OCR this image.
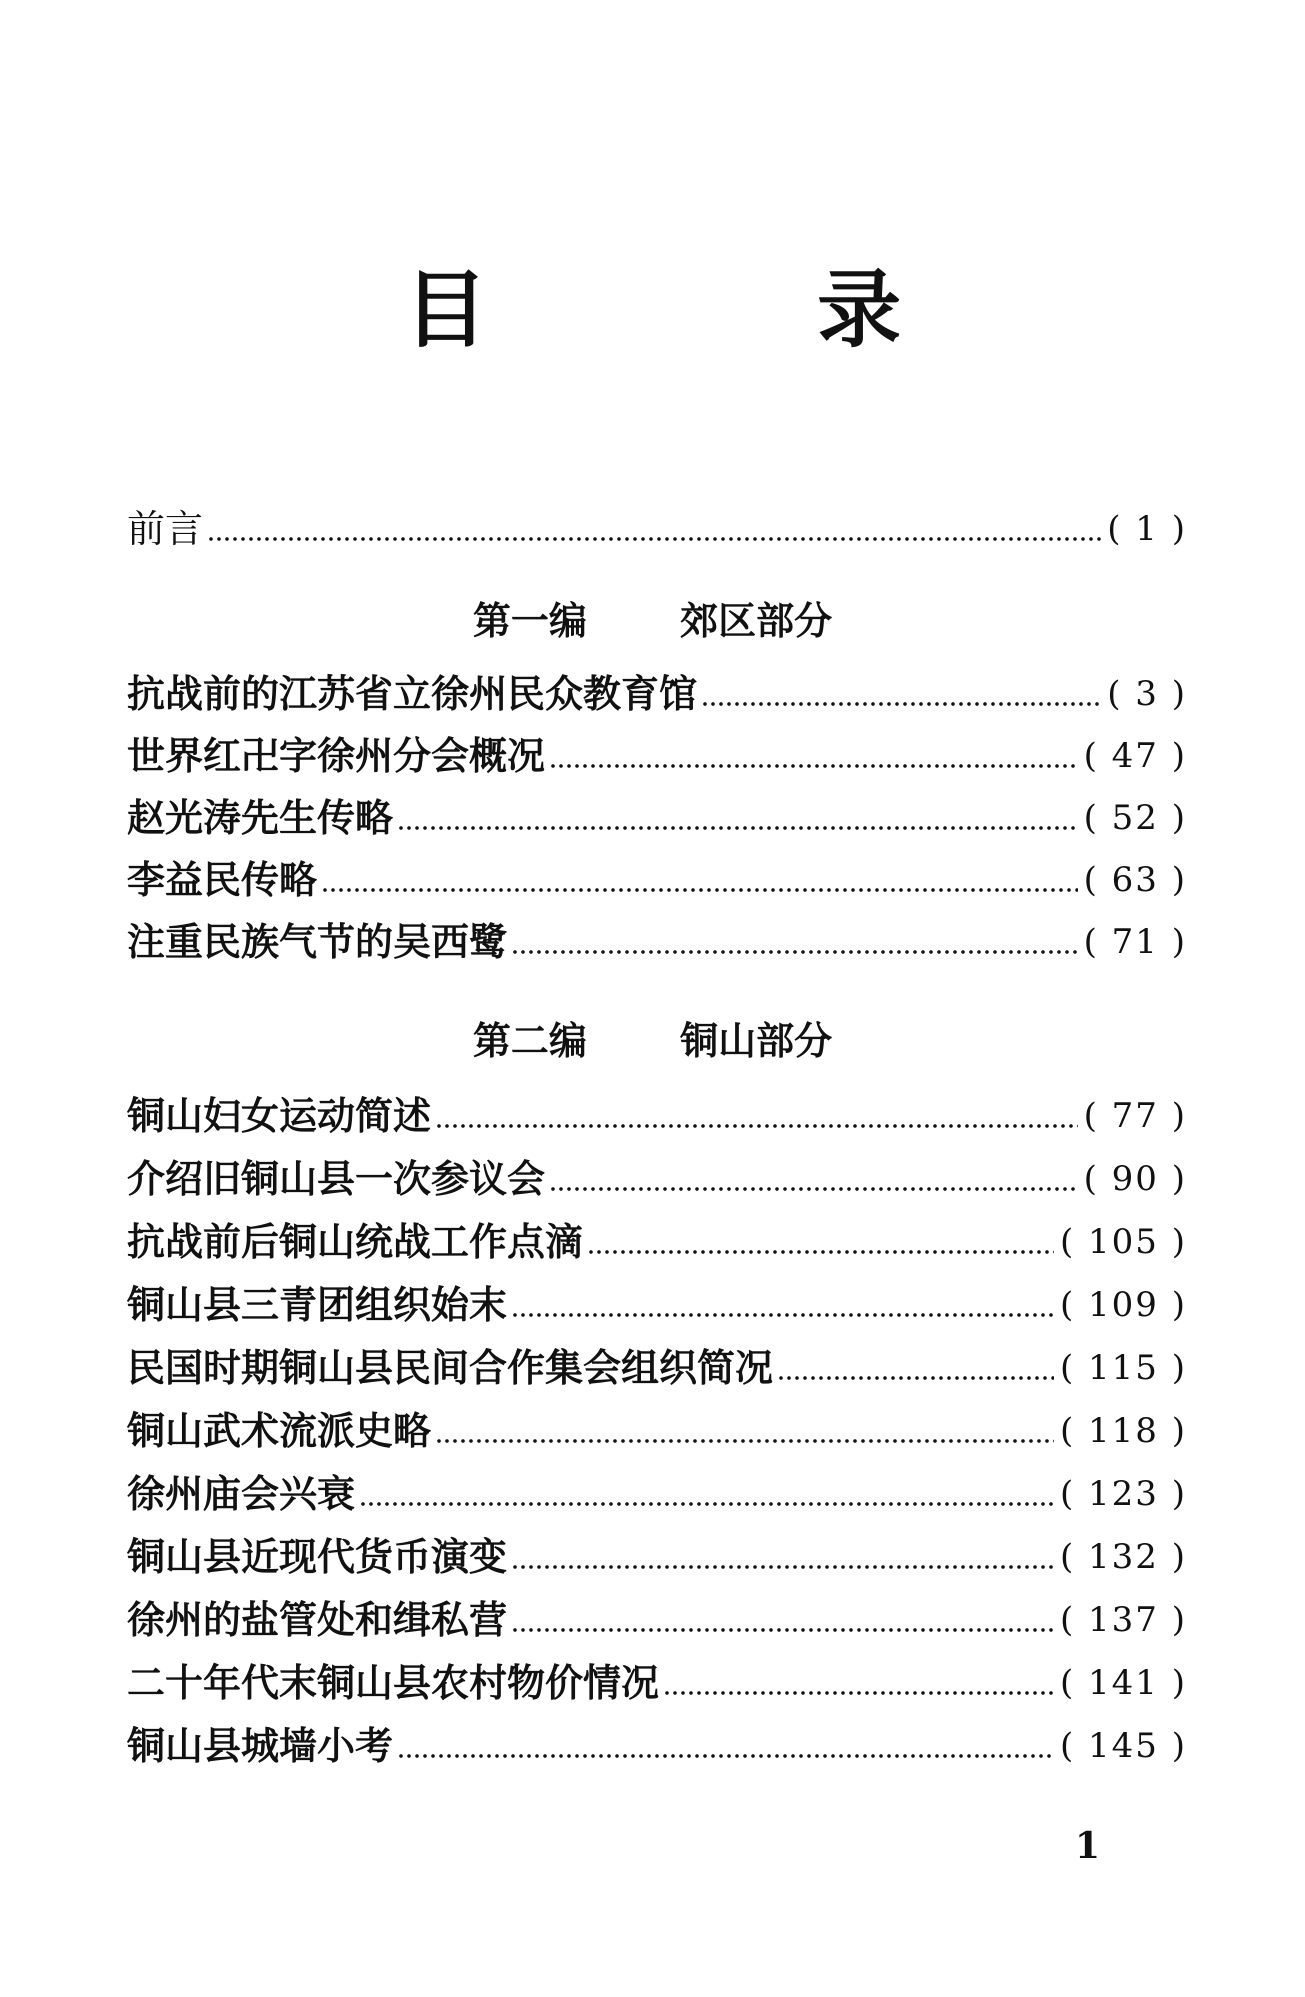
目 录
前言	( 1 )
第一编 郊区部分
抗战前的江苏省立徐州民众教育馆	( 3 )
世界红卍字徐州分会概况	( 47 )
赵光涛先生传略	( 52 )
李益民传略	( 63 )
注重民族气节的吴西鹭	( 71 )
第二编 铜山部分
铜山妇女运动简述	( 77 )
介绍旧铜山县一次参议会	( 90 )
抗战前后铜山统战工作点滴	( 105 )
铜山县三青团组织始末	( 109 )
民国时期铜山县民间合作集会组织简况	( 115 )
铜山武术流派史略	( 118 )
徐州庙会兴衰	( 123 )
铜山县近现代货币演变	( 132 )
徐州的盐管处和缉私营	( 137 )
二十年代末铜山县农村物价情况	( 141 )
铜山县城墙小考	( 145 )
1
